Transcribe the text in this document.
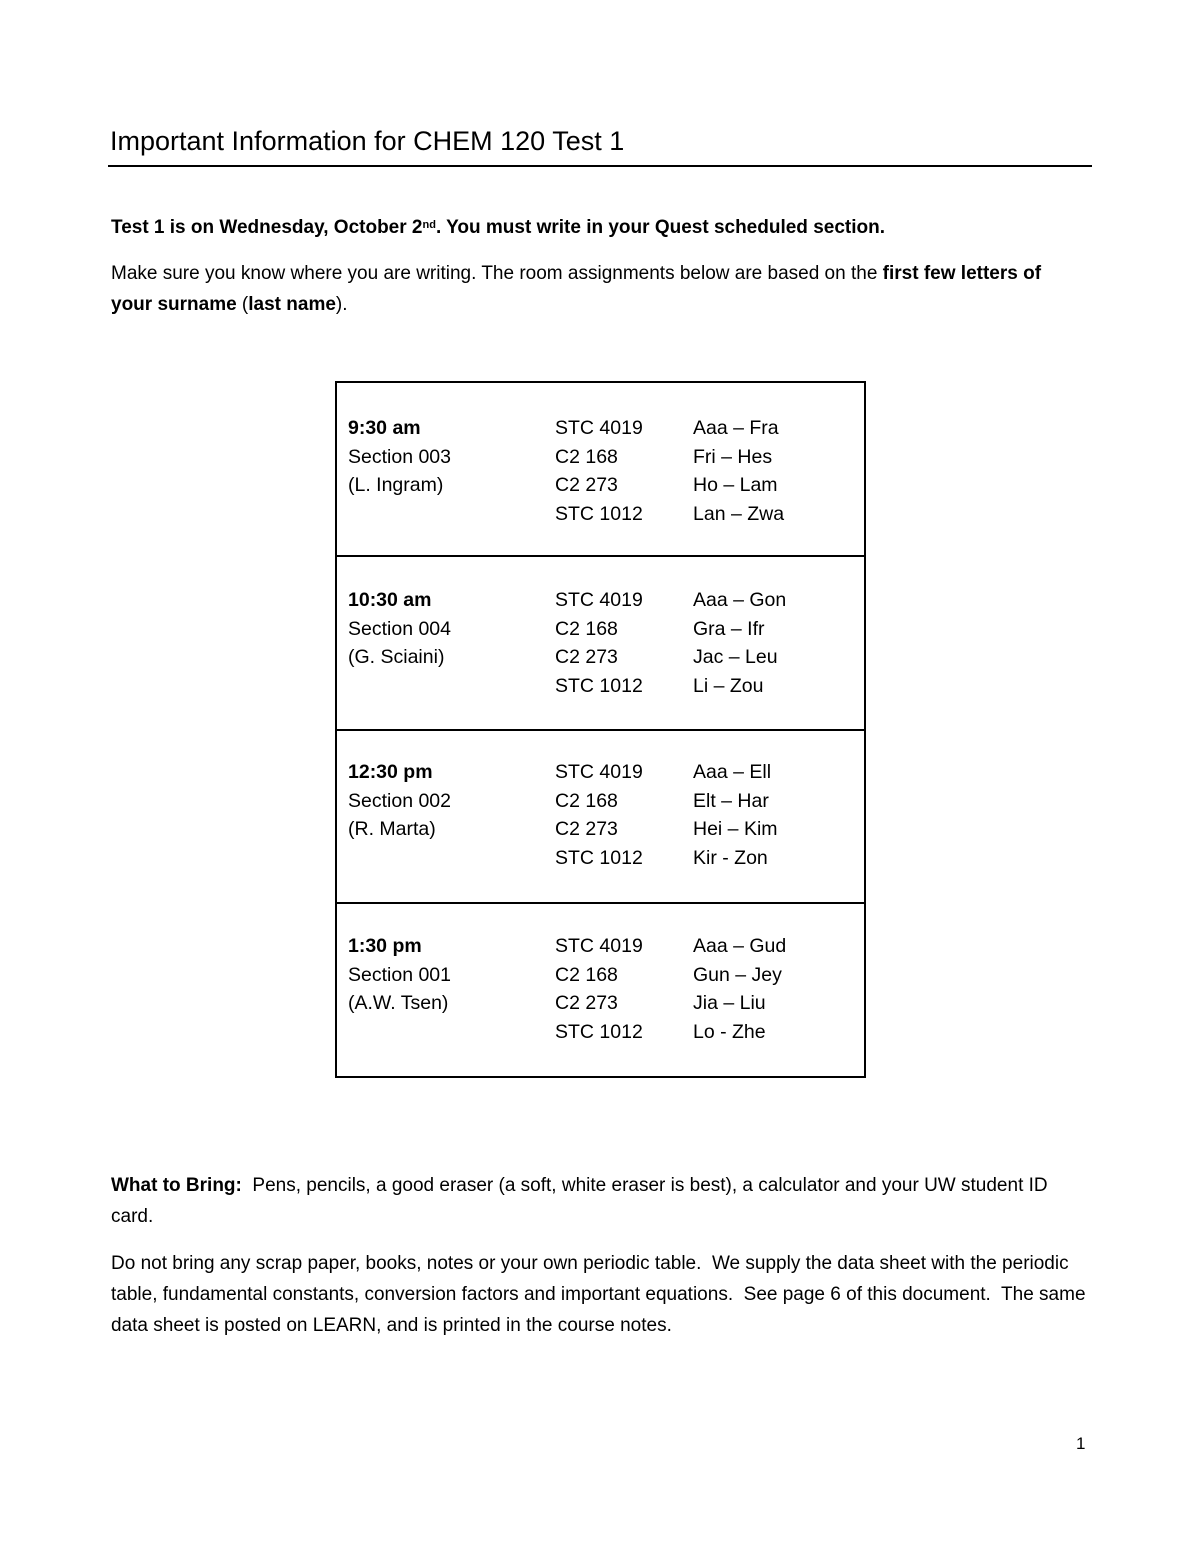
Important Information for CHEM 120 Test 1
Test 1 is on Wednesday, October 2nd. You must write in your Quest scheduled section.
Make sure you know where you are writing. The room assignments below are based on the first few letters of your surname (last name).
9:30 am
Section 003
(L. Ingram)
STC 4019
C2 168
C2 273
STC 1012
Aaa – Fra
Fri – Hes
Ho – Lam
Lan – Zwa
10:30 am
Section 004
(G. Sciaini)
STC 4019
C2 168
C2 273
STC 1012
Aaa – Gon
Gra – Ifr
Jac – Leu
Li – Zou
12:30 pm
Section 002
(R. Marta)
STC 4019
C2 168
C2 273
STC 1012
Aaa – Ell
Elt – Har
Hei – Kim
Kir - Zon
1:30 pm
Section 001
(A.W. Tsen)
STC 4019
C2 168
C2 273
STC 1012
Aaa – Gud
Gun – Jey
Jia – Liu
Lo - Zhe
What to Bring:  Pens, pencils, a good eraser (a soft, white eraser is best), a calculator and your UW student ID card.
Do not bring any scrap paper, books, notes or your own periodic table.  We supply the data sheet with the periodic table, fundamental constants, conversion factors and important equations.  See page 6 of this document.  The same data sheet is posted on LEARN, and is printed in the course notes.
1
